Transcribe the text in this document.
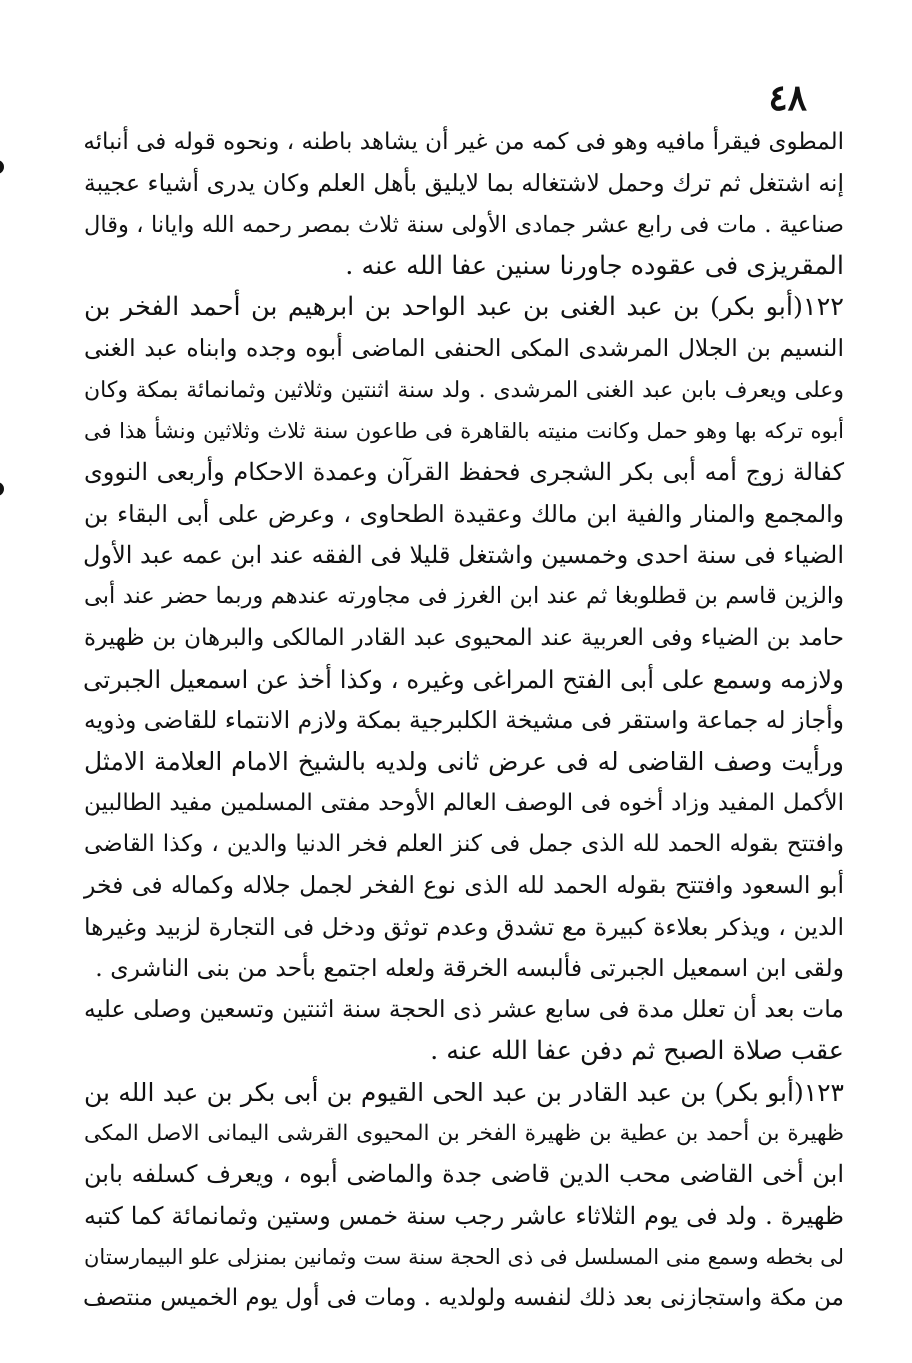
٤٨
المطوى فيقرأ مافيه وهو فى كمه من غير أن يشاهد باطنه ، ونحوه قوله فى أنبائه
إنه اشتغل ثم ترك وحمل لاشتغاله بما لايليق بأهل العلم وكان يدرى أشياء عجيبة
صناعية . مات فى رابع عشر جمادى الأولى سنة ثلاث بمصر رحمه الله وايانا ، وقال
المقريزى فى عقوده جاورنا سنين عفا الله عنه .
١٢٢(أبو بكر) بن عبد الغنى بن عبد الواحد بن ابرهيم بن أحمد الفخر بن
النسيم بن الجلال المرشدى المكى الحنفى الماضى أبوه وجده وابناه عبد الغنى
وعلى ويعرف بابن عبد الغنى المرشدى . ولد سنة اثنتين وثلاثين وثمانمائة بمكة وكان
أبوه تركه بها وهو حمل وكانت منيته بالقاهرة فى طاعون سنة ثلاث وثلاثين ونشأ هذا فى
كفالة زوج أمه أبى بكر الشجرى فحفظ القرآن وعمدة الاحكام وأربعى النووى
والمجمع والمنار والفية ابن مالك وعقيدة الطحاوى ، وعرض على أبى البقاء بن
الضياء فى سنة احدى وخمسين واشتغل قليلا فى الفقه عند ابن عمه عبد الأول
والزين قاسم بن قطلوبغا ثم عند ابن الغرز فى مجاورته عندهم وربما حضر عند أبى
حامد بن الضياء وفى العربية عند المحيوى عبد القادر المالكى والبرهان بن ظهيرة
ولازمه وسمع على أبى الفتح المراغى وغيره ، وكذا أخذ عن اسمعيل الجبرتى
وأجاز له جماعة واستقر فى مشيخة الكلبرجية بمكة ولازم الانتماء للقاضى وذويه
ورأيت وصف القاضى له فى عرض ثانى ولديه بالشيخ الامام العلامة الامثل
الأكمل المفيد وزاد أخوه فى الوصف العالم الأوحد مفتى المسلمين مفيد الطالبين
وافتتح بقوله الحمد لله الذى جمل فى كنز العلم فخر الدنيا والدين ، وكذا القاضى
أبو السعود وافتتح بقوله الحمد لله الذى نوع الفخر لجمل جلاله وكماله فى فخر
الدين ، ويذكر بعلاءة كبيرة مع تشدق وعدم توثق ودخل فى التجارة لزبيد وغيرها
ولقى ابن اسمعيل الجبرتى فألبسه الخرقة ولعله اجتمع بأحد من بنى الناشرى .
مات بعد أن تعلل مدة فى سابع عشر ذى الحجة سنة اثنتين وتسعين وصلى عليه
عقب صلاة الصبح ثم دفن عفا الله عنه .
١٢٣(أبو بكر) بن عبد القادر بن عبد الحى القيوم بن أبى بكر بن عبد الله بن
ظهيرة بن أحمد بن عطية بن ظهيرة الفخر بن المحيوى القرشى اليمانى الاصل المكى
ابن أخى القاضى محب الدين قاضى جدة والماضى أبوه ، ويعرف كسلفه بابن
ظهيرة . ولد فى يوم الثلاثاء عاشر رجب سنة خمس وستين وثمانمائة كما كتبه
لى بخطه وسمع منى المسلسل فى ذى الحجة سنة ست وثمانين بمنزلى علو البيمارستان
من مكة واستجازنى بعد ذلك لنفسه ولولديه . ومات فى أول يوم الخميس منتصف
